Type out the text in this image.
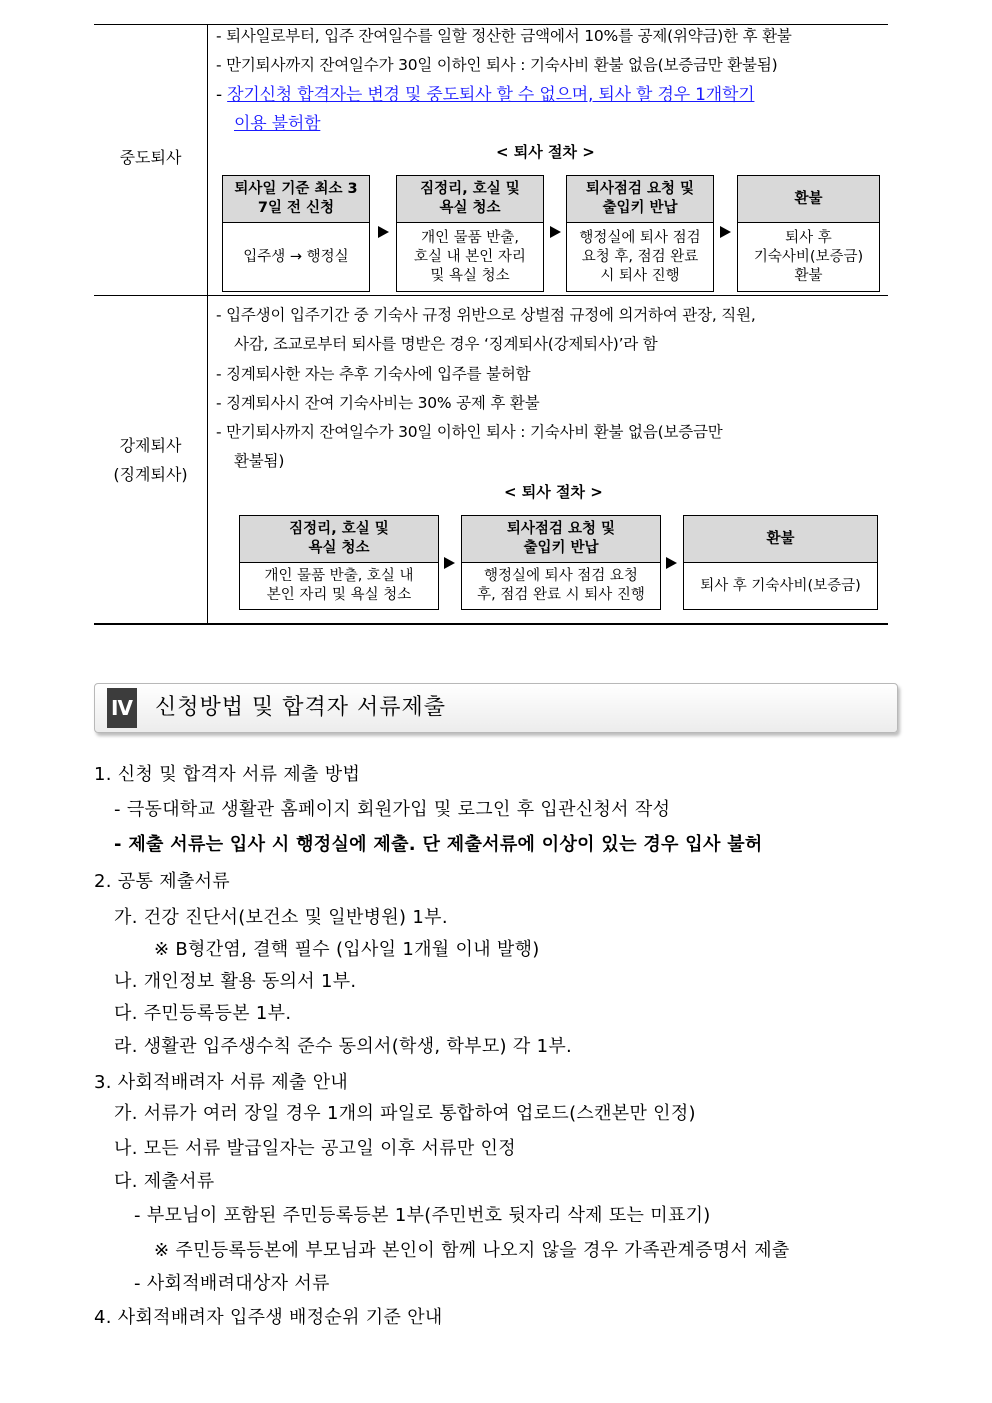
중도퇴사
- 퇴사일로부터, 입주 잔여일수를 일할 정산한 금액에서 10%를 공제(위약금)한 후 환불
- 만기퇴사까지 잔여일수가 30일 이하인 퇴사 : 기숙사비 환불 없음(보증금만 환불됨)
- 장기신청 합격자는 변경 및 중도퇴사 할 수 없으며, 퇴사 할 경우 1개학기
이용 불허함
< 퇴사 절차 >
퇴사일 기준 최소 3
7일 전 신청
입주생 → 행정실
짐정리, 호실 및
욕실 청소
개인 물품 반출,
호실 내 본인 자리
및 욕실 청소
퇴사점검 요청 및
출입키 반납
행정실에 퇴사 점검
요청 후, 점검 완료
시 퇴사 진행
환불
퇴사 후
기숙사비(보증금)
환불
강제퇴사
(징계퇴사)
- 입주생이 입주기간 중 기숙사 규정 위반으로 상벌점 규정에 의거하여 관장, 직원,
사감, 조교로부터 퇴사를 명받은 경우 ‘징계퇴사(강제퇴사)’라 함
- 징계퇴사한 자는 추후 기숙사에 입주를 불허함
- 징계퇴사시 잔여 기숙사비는 30% 공제 후 환불
- 만기퇴사까지 잔여일수가 30일 이하인 퇴사 : 기숙사비 환불 없음(보증금만
환불됨)
< 퇴사 절차 >
짐정리, 호실 및
욕실 청소
개인 물품 반출, 호실 내
본인 자리 및 욕실 청소
퇴사점검 요청 및
출입키 반납
행정실에 퇴사 점검 요청
후, 점검 완료 시 퇴사 진행
환불
퇴사 후 기숙사비(보증금)
Ⅳ 신청방법 및 합격자 서류제출
1. 신청 및 합격자 서류 제출 방법
- 극동대학교 생활관 홈페이지 회원가입 및 로그인 후 입관신청서 작성
- 제출 서류는 입사 시 행정실에 제출. 단 제출서류에 이상이 있는 경우 입사 불허
2. 공통 제출서류
가. 건강 진단서(보건소 및 일반병원) 1부.
※ B형간염, 결핵 필수 (입사일 1개월 이내 발행)
나. 개인정보 활용 동의서 1부.
다. 주민등록등본 1부.
라. 생활관 입주생수칙 준수 동의서(학생, 학부모) 각 1부.
3. 사회적배려자 서류 제출 안내
가. 서류가 여러 장일 경우 1개의 파일로 통합하여 업로드(스캔본만 인정)
나. 모든 서류 발급일자는 공고일 이후 서류만 인정
다. 제출서류
- 부모님이 포함된 주민등록등본 1부(주민번호 뒷자리 삭제 또는 미표기)
※ 주민등록등본에 부모님과 본인이 함께 나오지 않을 경우 가족관계증명서 제출
- 사회적배려대상자 서류
4. 사회적배려자 입주생 배정순위 기준 안내
